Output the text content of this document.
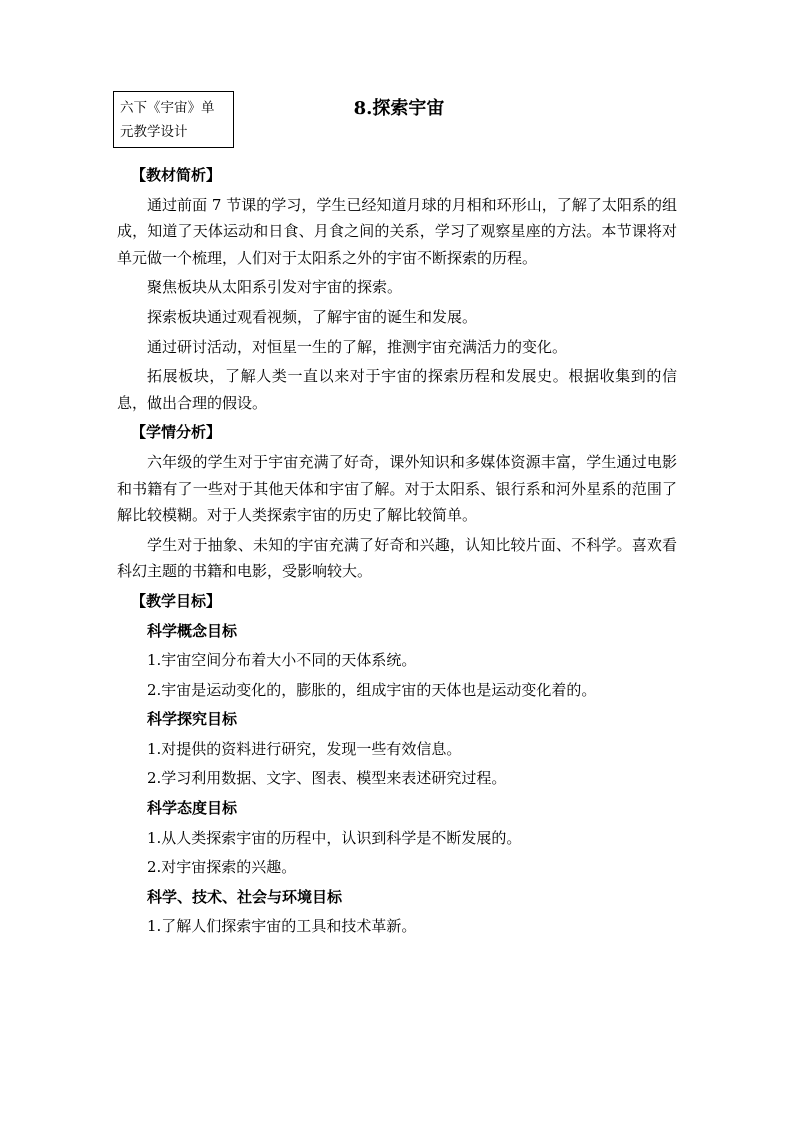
六下《宇宙》单
元教学设计
8.探索宇宙

【教材简析】

通过前面 7 节课的学习，学生已经知道月球的月相和环形山，了解了太阳系的组成，知道了天体运动和日食、月食之间的关系，学习了观察星座的方法。本节课将对单元做一个梳理，人们对于太阳系之外的宇宙不断探索的历程。

聚焦板块从太阳系引发对宇宙的探索。

探索板块通过观看视频，了解宇宙的诞生和发展。

通过研讨活动，对恒星一生的了解，推测宇宙充满活力的变化。

拓展板块，了解人类一直以来对于宇宙的探索历程和发展史。根据收集到的信息，做出合理的假设。

【学情分析】

六年级的学生对于宇宙充满了好奇，课外知识和多媒体资源丰富，学生通过电影和书籍有了一些对于其他天体和宇宙了解。对于太阳系、银行系和河外星系的范围了解比较模糊。对于人类探索宇宙的历史了解比较简单。

学生对于抽象、未知的宇宙充满了好奇和兴趣，认知比较片面、不科学。喜欢看科幻主题的书籍和电影，受影响较大。

【教学目标】

科学概念目标

1.宇宙空间分布着大小不同的天体系统。

2.宇宙是运动变化的，膨胀的，组成宇宙的天体也是运动变化着的。

科学探究目标

1.对提供的资料进行研究，发现一些有效信息。

2.学习利用数据、文字、图表、模型来表述研究过程。

科学态度目标

1.从人类探索宇宙的历程中，认识到科学是不断发展的。

2.对宇宙探索的兴趣。

科学、技术、社会与环境目标

1.了解人们探索宇宙的工具和技术革新。
